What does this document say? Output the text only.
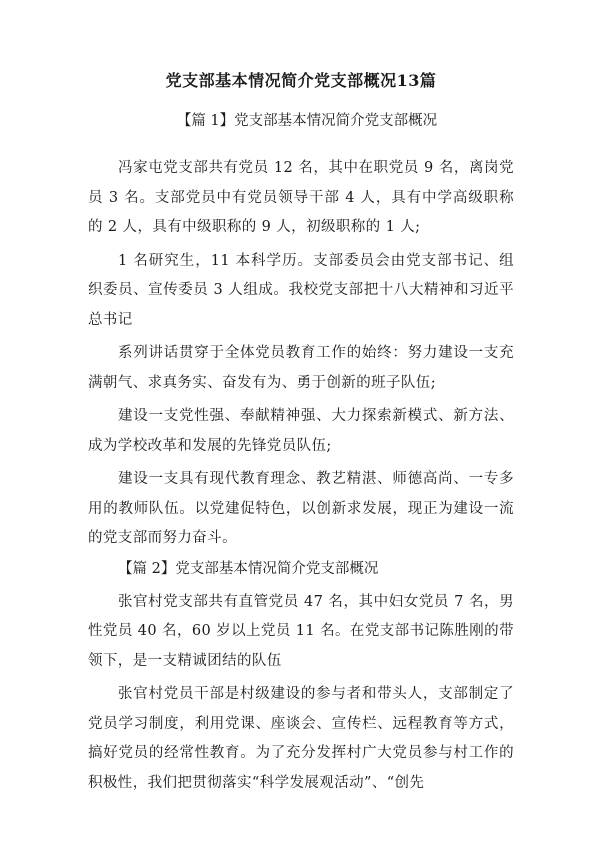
党支部基本情况简介党支部概况13篇
【篇 1】党支部基本情况简介党支部概况

冯家屯党支部共有党员 12 名，其中在职党员 9 名，离岗党员 3 名。支部党员中有党员领导干部 4 人，具有中学高级职称的 2 人，具有中级职称的 9 人，初级职称的 1 人;

1 名研究生，11 本科学历。支部委员会由党支部书记、组织委员、宣传委员 3 人组成。我校党支部把十八大精神和习近平总书记

系列讲话贯穿于全体党员教育工作的始终：努力建设一支充满朝气、求真务实、奋发有为、勇于创新的班子队伍;

建设一支党性强、奉献精神强、大力探索新模式、新方法、成为学校改革和发展的先锋党员队伍;

建设一支具有现代教育理念、教艺精湛、师德高尚、一专多用的教师队伍。以党建促特色，以创新求发展，现正为建设一流的党支部而努力奋斗。

【篇 2】党支部基本情况简介党支部概况

张官村党支部共有直管党员 47 名，其中妇女党员 7 名，男性党员 40 名，60 岁以上党员 11 名。在党支部书记陈胜刚的带领下，是一支精诚团结的队伍

张官村党员干部是村级建设的参与者和带头人，支部制定了党员学习制度，利用党课、座谈会、宣传栏、远程教育等方式，搞好党员的经常性教育。为了充分发挥村广大党员参与村工作的积极性，我们把贯彻落实“科学发展观活动”、“创先
